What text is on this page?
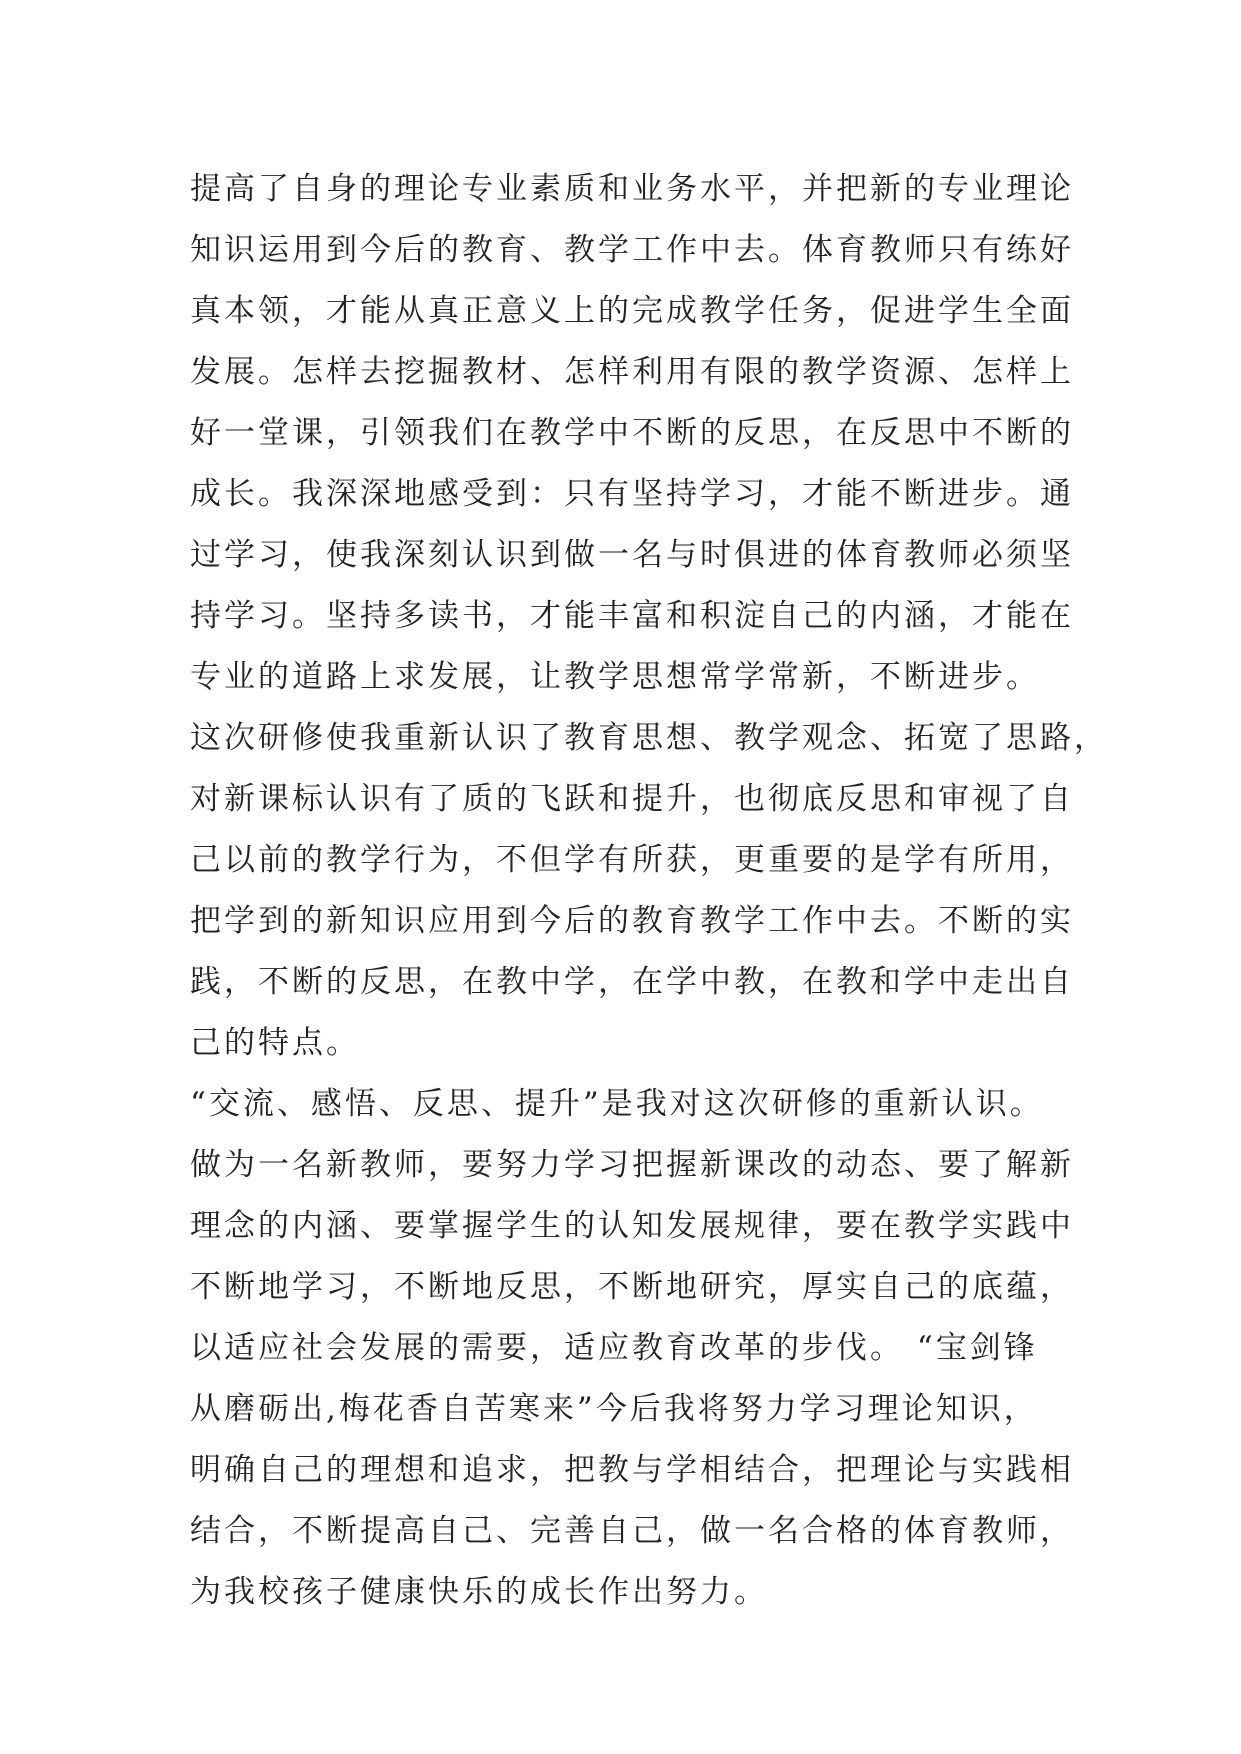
提高了自身的理论专业素质和业务水平，并把新的专业理论
知识运用到今后的教育、教学工作中去。体育教师只有练好
真本领，才能从真正意义上的完成教学任务，促进学生全面
发展。怎样去挖掘教材、怎样利用有限的教学资源、怎样上
好一堂课，引领我们在教学中不断的反思，在反思中不断的
成长。我深深地感受到：只有坚持学习，才能不断进步。通
过学习，使我深刻认识到做一名与时俱进的体育教师必须坚
持学习。坚持多读书，才能丰富和积淀自己的内涵，才能在
专业的道路上求发展，让教学思想常学常新，不断进步。
这次研修使我重新认识了教育思想、教学观念、拓宽了思路，
对新课标认识有了质的飞跃和提升，也彻底反思和审视了自
己以前的教学行为，不但学有所获，更重要的是学有所用，
把学到的新知识应用到今后的教育教学工作中去。不断的实
践，不断的反思，在教中学，在学中教，在教和学中走出自
己的特点。
“交流、感悟、反思、提升”是我对这次研修的重新认识。
做为一名新教师，要努力学习把握新课改的动态、要了解新
理念的内涵、要掌握学生的认知发展规律，要在教学实践中
不断地学习，不断地反思，不断地研究，厚实自己的底蕴，
以适应社会发展的需要，适应教育改革的步伐。 “宝剑锋
从磨砺出,梅花香自苦寒来”今后我将努力学习理论知识，
明确自己的理想和追求，把教与学相结合，把理论与实践相
结合，不断提高自己、完善自己，做一名合格的体育教师，
为我校孩子健康快乐的成长作出努力。
